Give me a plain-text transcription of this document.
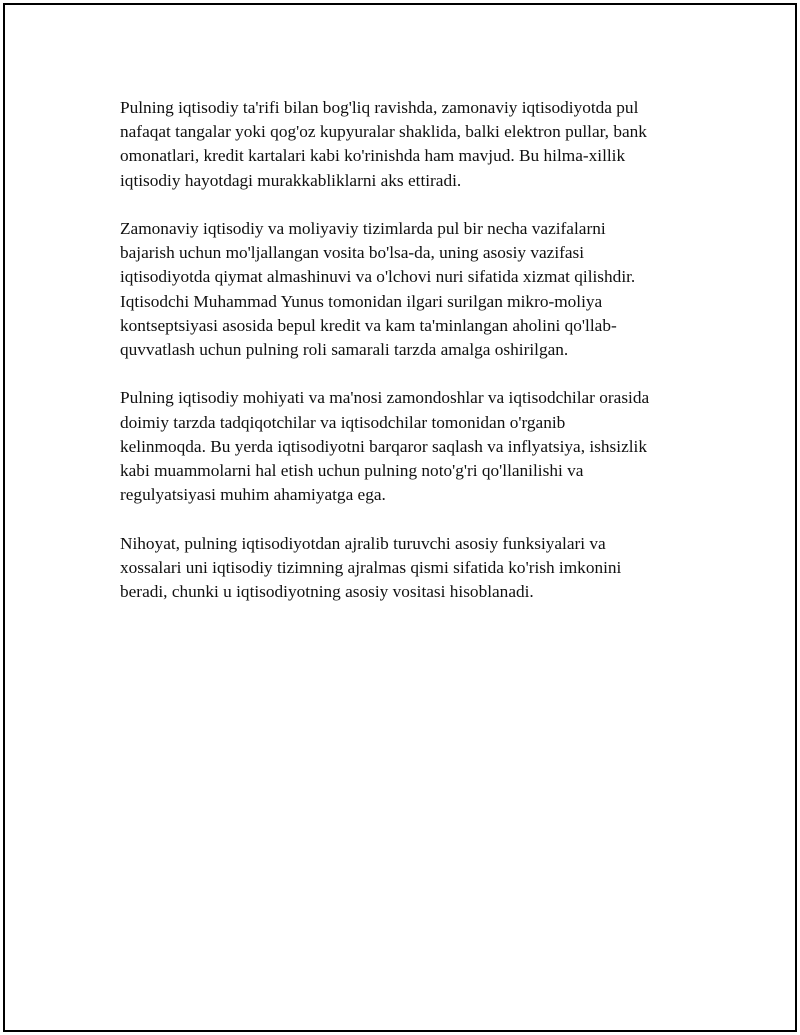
Pulning iqtisodiy ta'rifi bilan bog'liq ravishda, zamonaviy iqtisodiyotda pul
nafaqat tangalar yoki qog'oz kupyuralar shaklida, balki elektron pullar, bank
omonatlari, kredit kartalari kabi ko'rinishda ham mavjud. Bu hilma-xillik
iqtisodiy hayotdagi murakkabliklarni aks ettiradi.

Zamonaviy iqtisodiy va moliyaviy tizimlarda pul bir necha vazifalarni
bajarish uchun mo'ljallangan vosita bo'lsa-da, uning asosiy vazifasi
iqtisodiyotda qiymat almashinuvi va o'lchovi nuri sifatida xizmat qilishdir.
Iqtisodchi Muhammad Yunus tomonidan ilgari surilgan mikro-moliya
kontseptsiyasi asosida bepul kredit va kam ta'minlangan aholini qo'llab-
quvvatlash uchun pulning roli samarali tarzda amalga oshirilgan.

Pulning iqtisodiy mohiyati va ma'nosi zamondoshlar va iqtisodchilar orasida
doimiy tarzda tadqiqotchilar va iqtisodchilar tomonidan o'rganib
kelinmoqda. Bu yerda iqtisodiyotni barqaror saqlash va inflyatsiya, ishsizlik
kabi muammolarni hal etish uchun pulning noto'g'ri qo'llanilishi va
regulyatsiyasi muhim ahamiyatga ega.

Nihoyat, pulning iqtisodiyotdan ajralib turuvchi asosiy funksiyalari va
xossalari uni iqtisodiy tizimning ajralmas qismi sifatida ko'rish imkonini
beradi, chunki u iqtisodiyotning asosiy vositasi hisoblanadi.
